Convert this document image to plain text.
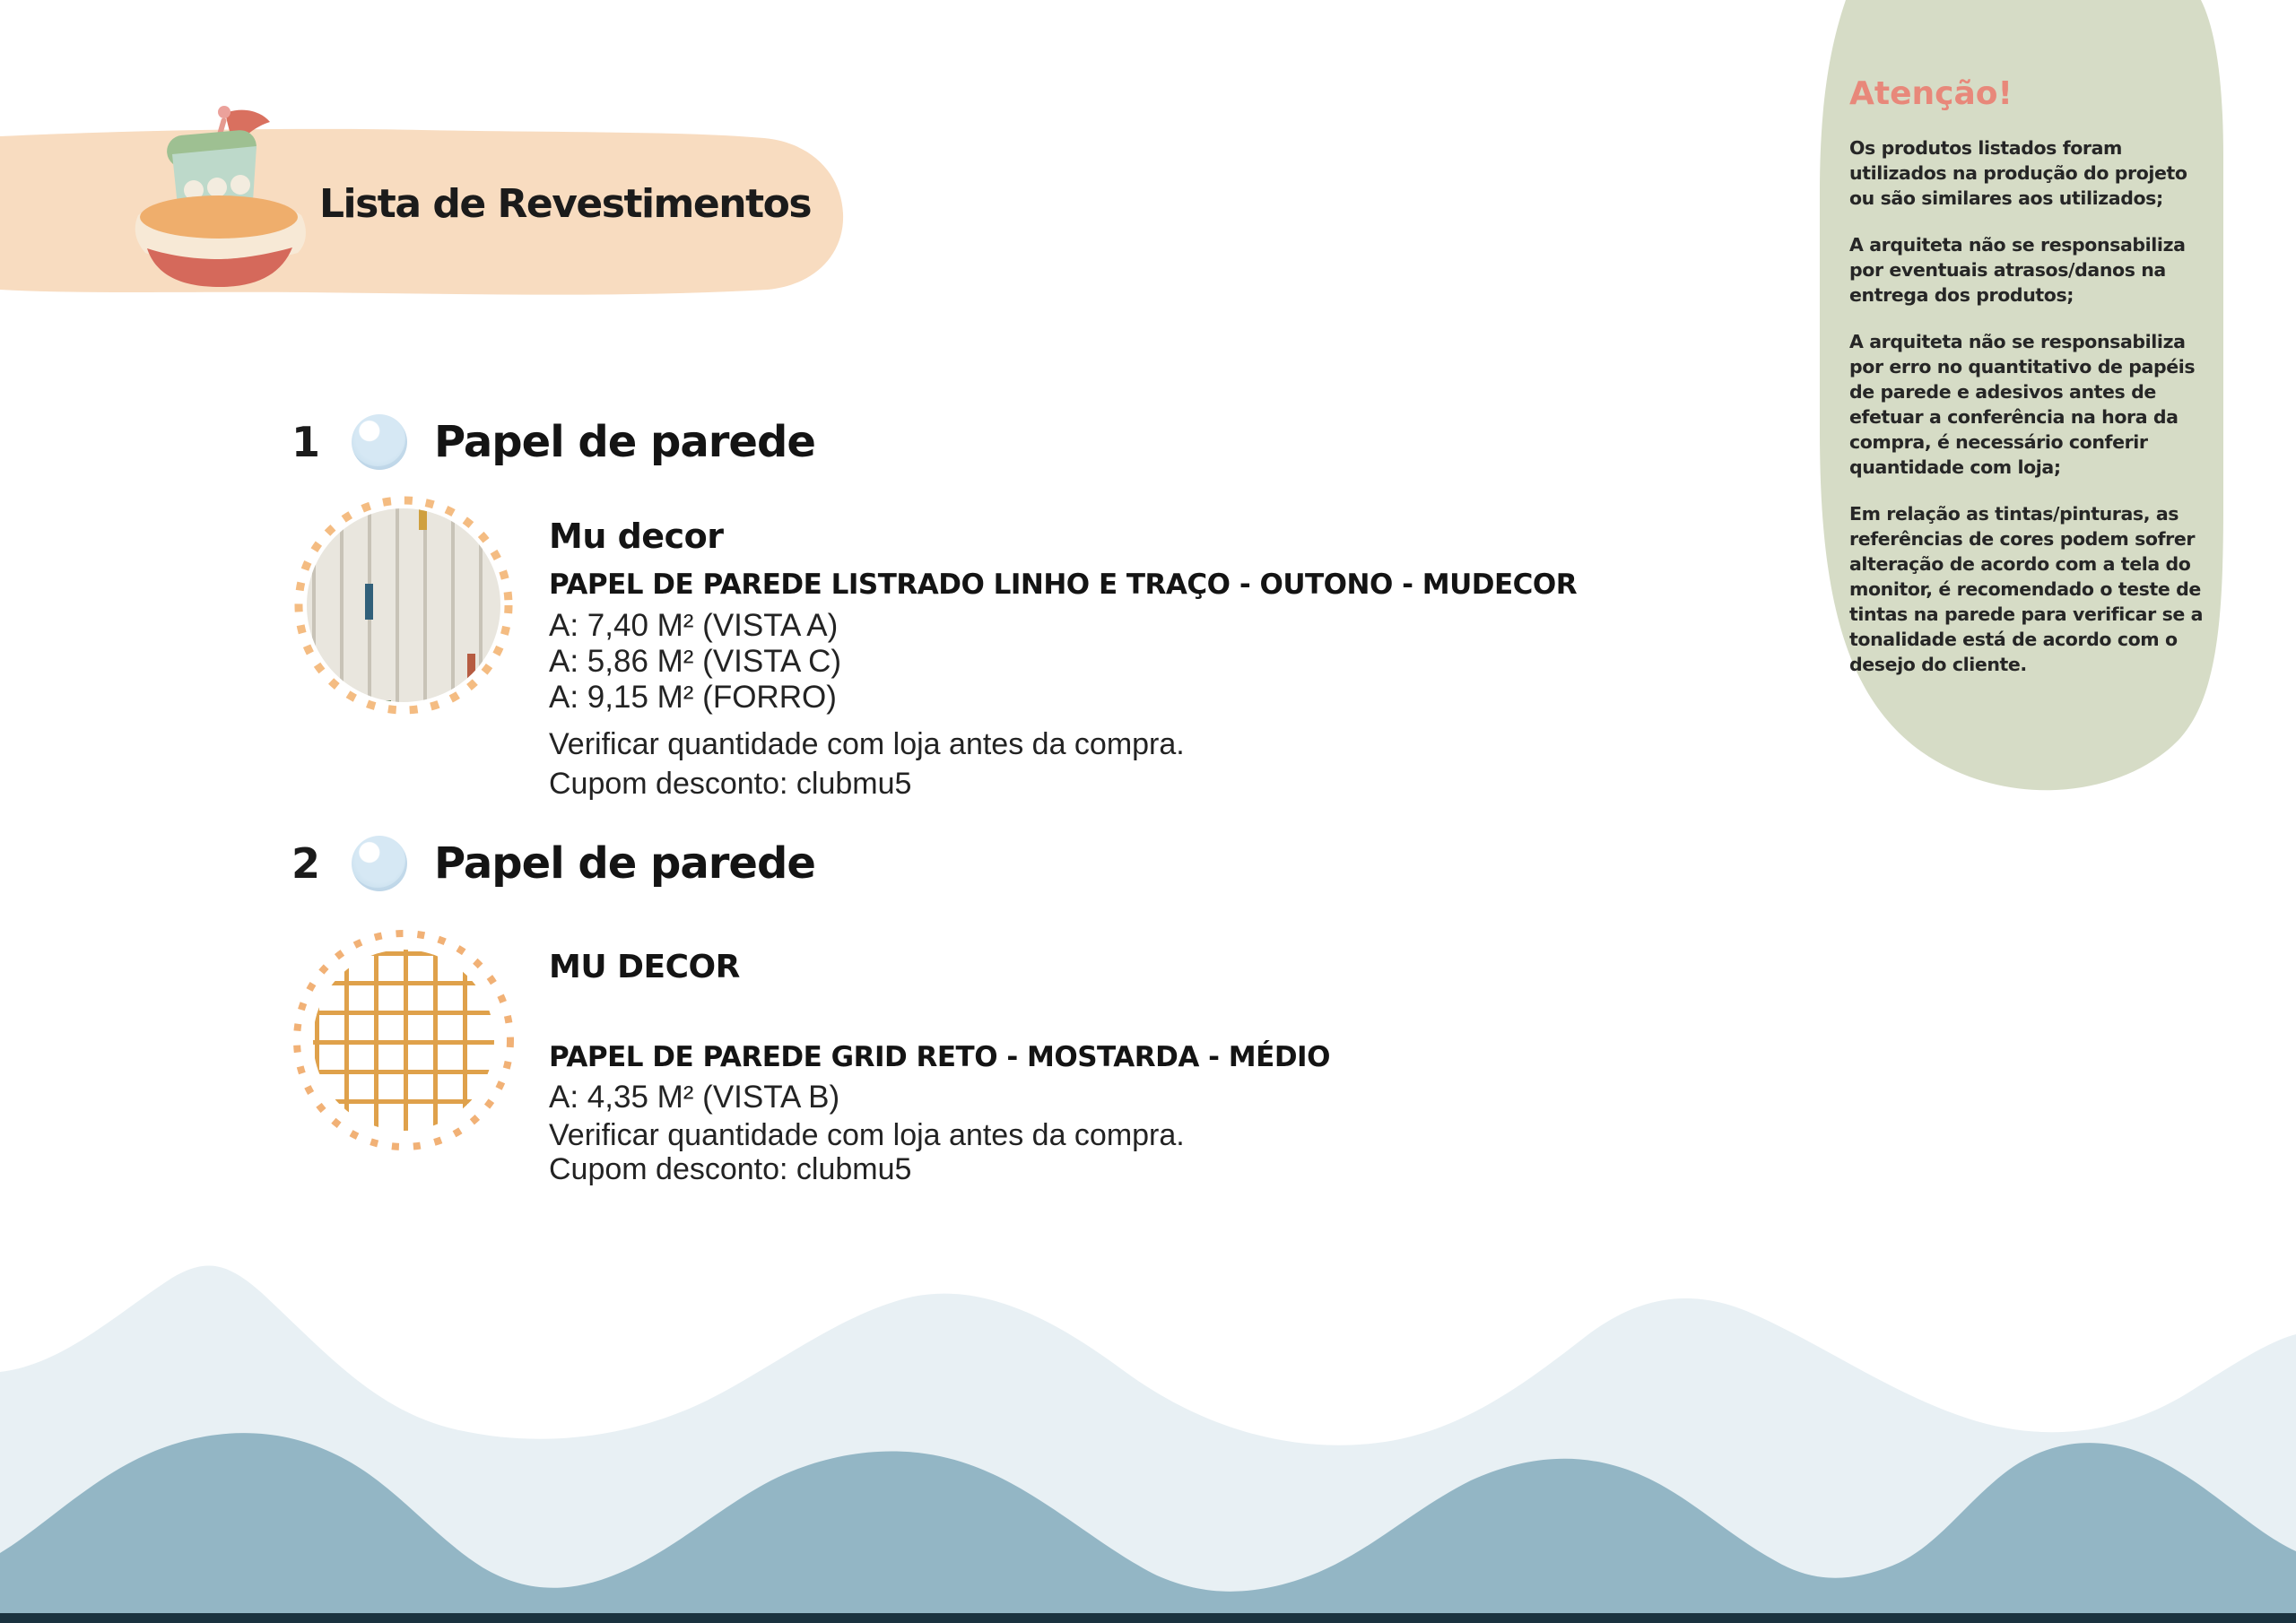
Lista de Revestimentos
1	Papel de parede

Mu decor

PAPEL DE PAREDE LISTRADO LINHO E TRAÇO - OUTONO - MUDECOR

A: 7,40 M² (VISTA A)
A: 5,86 M² (VISTA C)
A: 9,15 M² (FORRO)
Verificar quantidade com loja antes da compra.
Cupom desconto: clubmu5
2	Papel de parede

MU DECOR

PAPEL DE PAREDE GRID RETO - MOSTARDA - MÉDIO

A: 4,35 M² (VISTA B)
Verificar quantidade com loja antes da compra.
Cupom desconto: clubmu5

Atenção!

Os produtos listados foram utilizados na produção do projeto ou são similares aos utilizados;

A arquiteta não se responsabiliza por eventuais atrasos/danos na entrega dos produtos;

A arquiteta não se responsabiliza por erro no quantitativo de papéis de parede e adesivos antes de efetuar a conferência na hora da compra, é necessário conferir quantidade com loja;

Em relação as tintas/pinturas, as referências de cores podem sofrer alteração de acordo com a tela do monitor, é recomendado o teste de tintas na parede para verificar se a tonalidade está de acordo com o desejo do cliente.
